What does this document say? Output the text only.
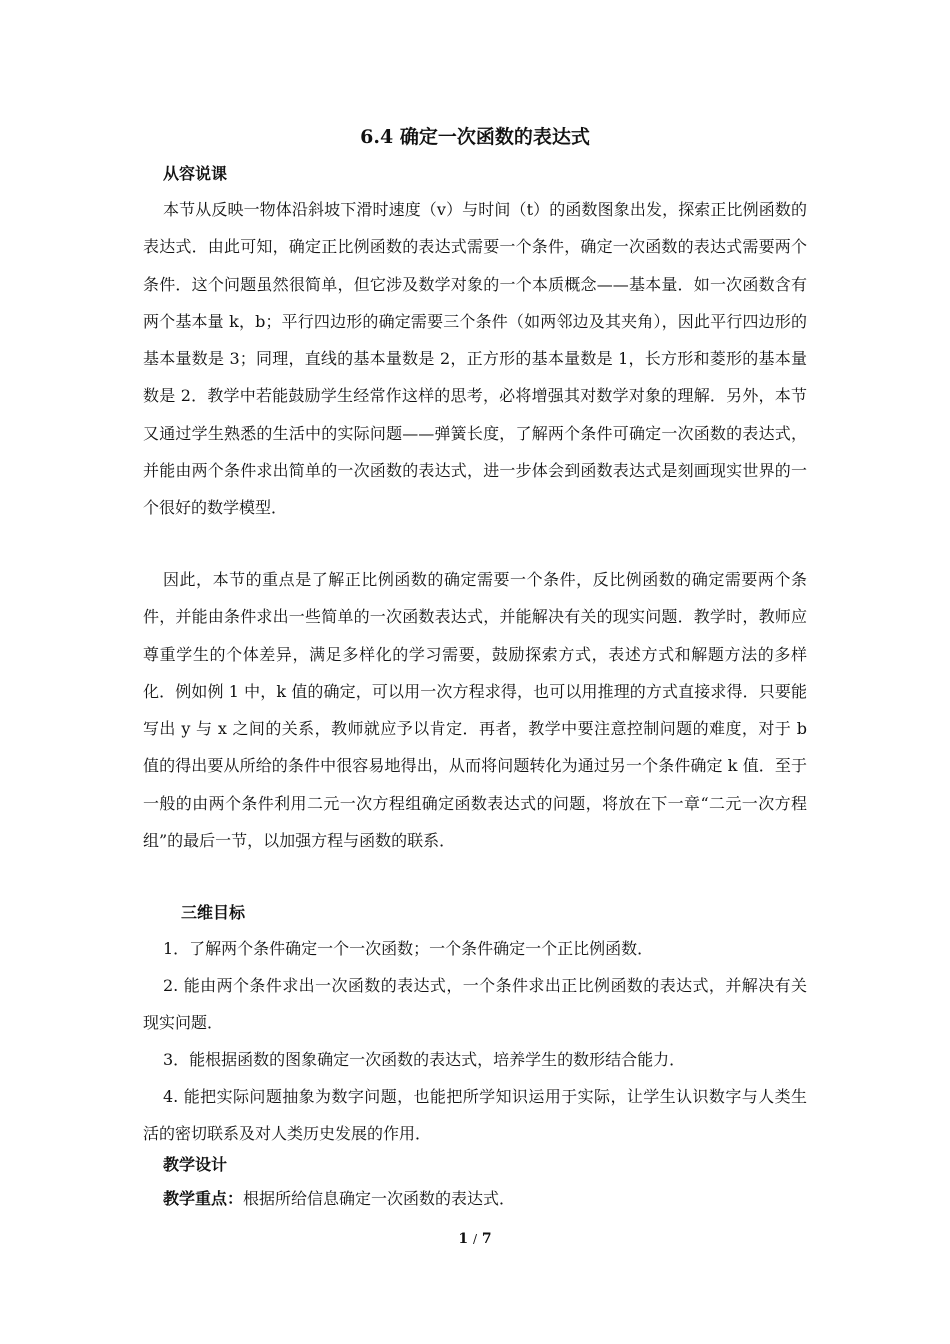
6.4 确定一次函数的表达式
从容说课

本节从反映一物体沿斜坡下滑时速度（v）与时间（t）的函数图象出发，探索正比例函数的表达式．由此可知，确定正比例函数的表达式需要一个条件，确定一次函数的表达式需要两个条件．这个问题虽然很简单，但它涉及数学对象的一个本质概念——基本量．如一次函数含有两个基本量 k，b；平行四边形的确定需要三个条件（如两邻边及其夹角），因此平行四边形的基本量数是 3；同理，直线的基本量数是 2，正方形的基本量数是 1，长方形和菱形的基本量数是 2．教学中若能鼓励学生经常作这样的思考，必将增强其对数学对象的理解．另外，本节又通过学生熟悉的生活中的实际问题——弹簧长度，了解两个条件可确定一次函数的表达式，并能由两个条件求出简单的一次函数的表达式，进一步体会到函数表达式是刻画现实世界的一个很好的数学模型．

因此，本节的重点是了解正比例函数的确定需要一个条件，反比例函数的确定需要两个条件，并能由条件求出一些简单的一次函数表达式，并能解决有关的现实问题．教学时，教师应尊重学生的个体差异，满足多样化的学习需要，鼓励探索方式，表述方式和解题方法的多样化．例如例 1 中，k 值的确定，可以用一次方程求得，也可以用推理的方式直接求得．只要能写出 y 与 x 之间的关系，教师就应予以肯定．再者，教学中要注意控制问题的难度，对于 b 值的得出要从所给的条件中很容易地得出，从而将问题转化为通过另一个条件确定 k 值．至于一般的由两个条件利用二元一次方程组确定函数表达式的问题，将放在下一章“二元一次方程组”的最后一节，以加强方程与函数的联系．

三维目标

1．了解两个条件确定一个一次函数；一个条件确定一个正比例函数．

2. 能由两个条件求出一次函数的表达式，一个条件求出正比例函数的表达式，并解决有关现实问题．

3．能根据函数的图象确定一次函数的表达式，培养学生的数形结合能力．

4. 能把实际问题抽象为数字问题，也能把所学知识运用于实际，让学生认识数字与人类生活的密切联系及对人类历史发展的作用．

教学设计
教学重点：根据所给信息确定一次函数的表达式．
1 / 7
